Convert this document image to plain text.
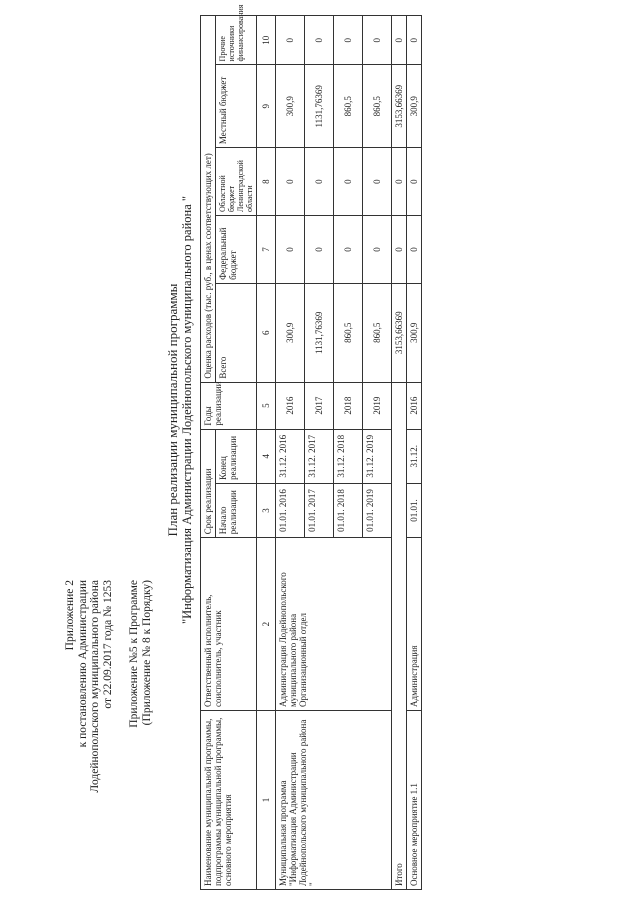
Приложение 2 к постановлению Администрации Лодейнопольского муниципального района от 22.09.2017 года № 1253 Приложение №5 к Программе (Приложение № 8 к Порядку)
План реализации муниципальной программы "Информатизация Администрации Лодейнопольского муниципального района "
Наименование муниципальной программы, подпрограммы муниципальной программы, основного мероприятия	Ответственный исполнитель, соисполнитель, участник	Срок реализации		Годы реализации	Оценка расходов (тыс. руб., в ценах соответствующих лет)				
		Начало реализации	Конец реализации		Всего	Федеральный бюджет	Областной бюджет Ленинградской области	Местный бюджет	Прочие источники финансирования
1	2	3	4	5	6	7	8	9	10
Муниципальная программа "Информатизация Администрации Лодейнопольского муниципального района "	Администрация Лодейнопольского муниципального района Организационный отдел	01.01. 2016	31.12. 2016	2016	300,9	0	0	300,9	0
		01.01. 2017	31.12. 2017	2017	1131,76369	0	0	1131,76369	0
		01.01. 2018	31.12. 2018	2018	860,5	0	0	860,5	0
		01.01. 2019	31.12. 2019	2019	860,5	0	0	860,5	0
Итого					3153,66369	0	0	3153,66369	0
Основное мероприятие 1.1	Администрация	01.01.	31.12.	2016	300,9	0	0	300,9	0
